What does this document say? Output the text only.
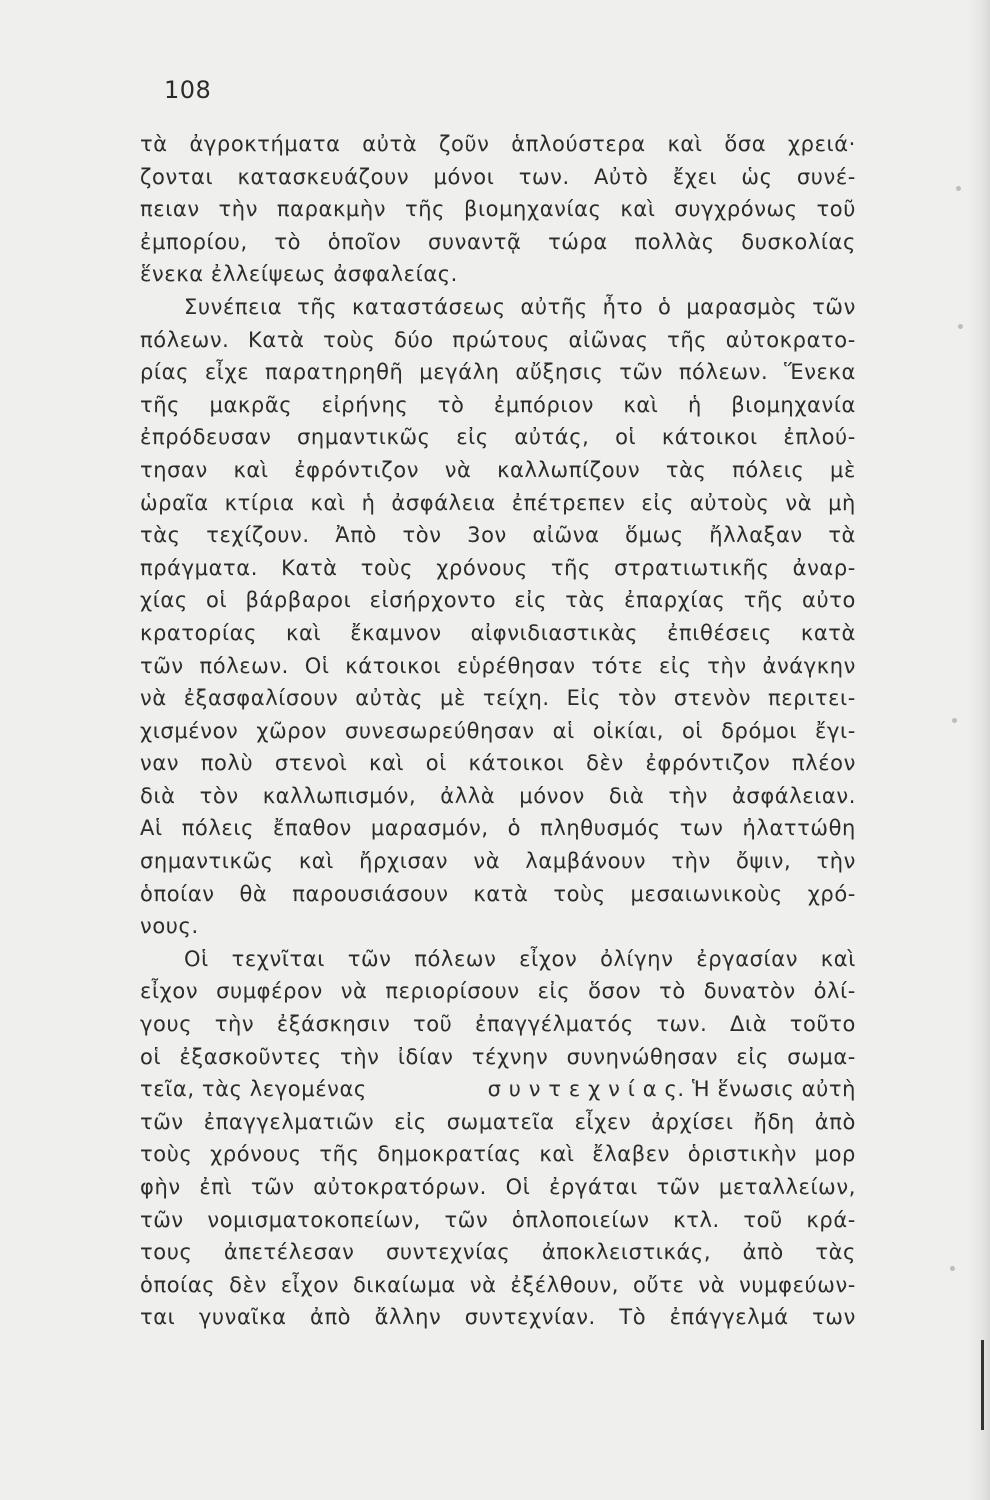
108
τὰ ἀγροκτήματα αὐτὰ ζοῦν ἁπλούστερα καὶ ὅσα χρειά·
ζονται κατασκευάζουν μόνοι των. Αὐτὸ ἔχει ὡς συνέ-
πειαν τὴν παρακμὴν τῆς βιομηχανίας καὶ συγχρόνως τοῦ
ἐμπορίου, τὸ ὁποῖον συναντᾷ τώρα πολλὰς δυσκολίας
ἕνεκα ἐλλείψεως ἀσφαλείας.
Συνέπεια τῆς καταστάσεως αὐτῆς ἦτο ὁ μαρασμὸς τῶν
πόλεων. Κατὰ τοὺς δύο πρώτους αἰῶνας τῆς αὐτοκρατο-
ρίας εἶχε παρατηρηθῆ μεγάλη αὔξησις τῶν πόλεων. Ἕνεκα
τῆς μακρᾶς εἰρήνης τὸ ἐμπόριον καὶ ἡ βιομηχανία
ἐπρόδευσαν σημαντικῶς εἰς αὐτάς, οἱ κάτοικοι ἐπλού-
τησαν καὶ ἐφρόντιζον νὰ καλλωπίζουν τὰς πόλεις μὲ
ὡραῖα κτίρια καὶ ἡ ἀσφάλεια ἐπέτρεπεν εἰς αὐτοὺς νὰ μὴ
τὰς τεχίζουν. Ἀπὸ τὸν 3ον αἰῶνα ὅμως ἤλλαξαν τὰ
πράγματα. Κατὰ τοὺς χρόνους τῆς στρατιωτικῆς ἀναρ-
χίας οἱ βάρβαροι εἰσήρχοντο εἰς τὰς ἐπαρχίας τῆς αὐτο
κρατορίας καὶ ἔκαμνον αἰφνιδιαστικὰς ἐπιθέσεις κατὰ
τῶν πόλεων. Οἱ κάτοικοι εὑρέθησαν τότε εἰς τὴν ἀνάγκην
νὰ ἐξασφαλίσουν αὐτὰς μὲ τείχη. Εἰς τὸν στενὸν περιτει-
χισμένον χῶρον συνεσωρεύθησαν αἱ οἰκίαι, οἱ δρόμοι ἔγι-
ναν πολὺ στενοὶ καὶ οἱ κάτοικοι δὲν ἐφρόντιζον πλέον
διὰ τὸν καλλωπισμόν, ἀλλὰ μόνον διὰ τὴν ἀσφάλειαν.
Αἱ πόλεις ἔπαθον μαρασμόν, ὁ πληθυσμός των ἠλαττώθη
σημαντικῶς καὶ ἤρχισαν νὰ λαμβάνουν τὴν ὄψιν, τὴν
ὁποίαν θὰ παρουσιάσουν κατὰ τοὺς μεσαιωνικοὺς χρό-
νους.
Οἱ τεχνῖται τῶν πόλεων εἶχον ὀλίγην ἐργασίαν καὶ
εἶχον συμφέρον νὰ περιορίσουν εἰς ὅσον τὸ δυνατὸν ὀλί-
γους τὴν ἐξάσκησιν τοῦ ἐπαγγέλματός των. Διὰ τοῦτο
οἱ ἐξασκοῦντες τὴν ἰδίαν τέχνην συνηνώθησαν εἰς σωμα-
τεῖα, τὰς λεγομένας	σ υ ν τ ε χ ν ί α ς. Ἡ ἕνωσις αὐτὴ
τῶν ἐπαγγελματιῶν εἰς σωματεῖα εἶχεν ἀρχίσει ἤδη ἀπὸ
τοὺς χρόνους τῆς δημοκρατίας καὶ ἔλαβεν ὁριστικὴν μορ
φὴν ἐπὶ τῶν αὐτοκρατόρων. Οἱ ἐργάται τῶν μεταλλείων,
τῶν νομισματοκοπείων, τῶν ὁπλοποιείων κτλ. τοῦ κρά-
τους ἀπετέλεσαν συντεχνίας ἀποκλειστικάς, ἀπὸ τὰς
ὁποίας δὲν εἶχον δικαίωμα νὰ ἐξέλθουν, οὔτε νὰ νυμφεύων-
ται γυναῖκα ἀπὸ ἄλλην συντεχνίαν. Τὸ ἐπάγγελμά των
